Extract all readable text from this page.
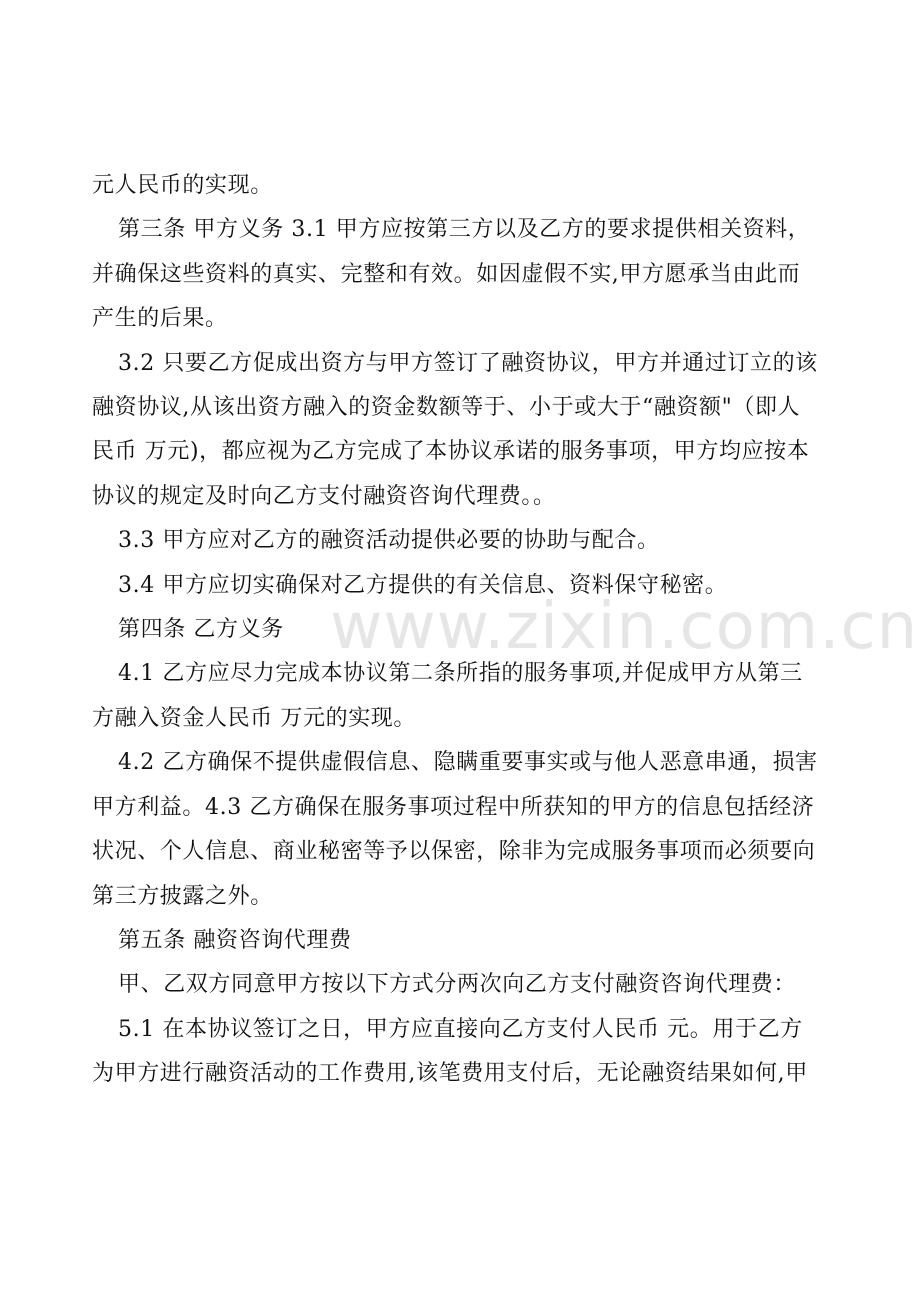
www.zixin.com.cn
元人民币的实现。
第三条 甲方义务 3.1 甲方应按第三方以及乙方的要求提供相关资料，
并确保这些资料的真实、完整和有效。如因虚假不实,甲方愿承当由此而
产生的后果。
3.2 只要乙方促成出资方与甲方签订了融资协议，甲方并通过订立的该
融资协议,从该出资方融入的资金数额等于、小于或大于“融资额"（即人
民币 万元)，都应视为乙方完成了本协议承诺的服务事项，甲方均应按本
协议的规定及时向乙方支付融资咨询代理费。。
3.3 甲方应对乙方的融资活动提供必要的协助与配合。
3.4 甲方应切实确保对乙方提供的有关信息、资料保守秘密。
第四条 乙方义务
4.1 乙方应尽力完成本协议第二条所指的服务事项,并促成甲方从第三
方融入资金人民币 万元的实现。
4.2 乙方确保不提供虚假信息、隐瞒重要事实或与他人恶意串通，损害
甲方利益。4.3 乙方确保在服务事项过程中所获知的甲方的信息包括经济
状况、个人信息、商业秘密等予以保密，除非为完成服务事项而必须要向
第三方披露之外。
第五条 融资咨询代理费
甲、乙双方同意甲方按以下方式分两次向乙方支付融资咨询代理费：
5.1 在本协议签订之日，甲方应直接向乙方支付人民币 元。用于乙方
为甲方进行融资活动的工作费用,该笔费用支付后，无论融资结果如何,甲
